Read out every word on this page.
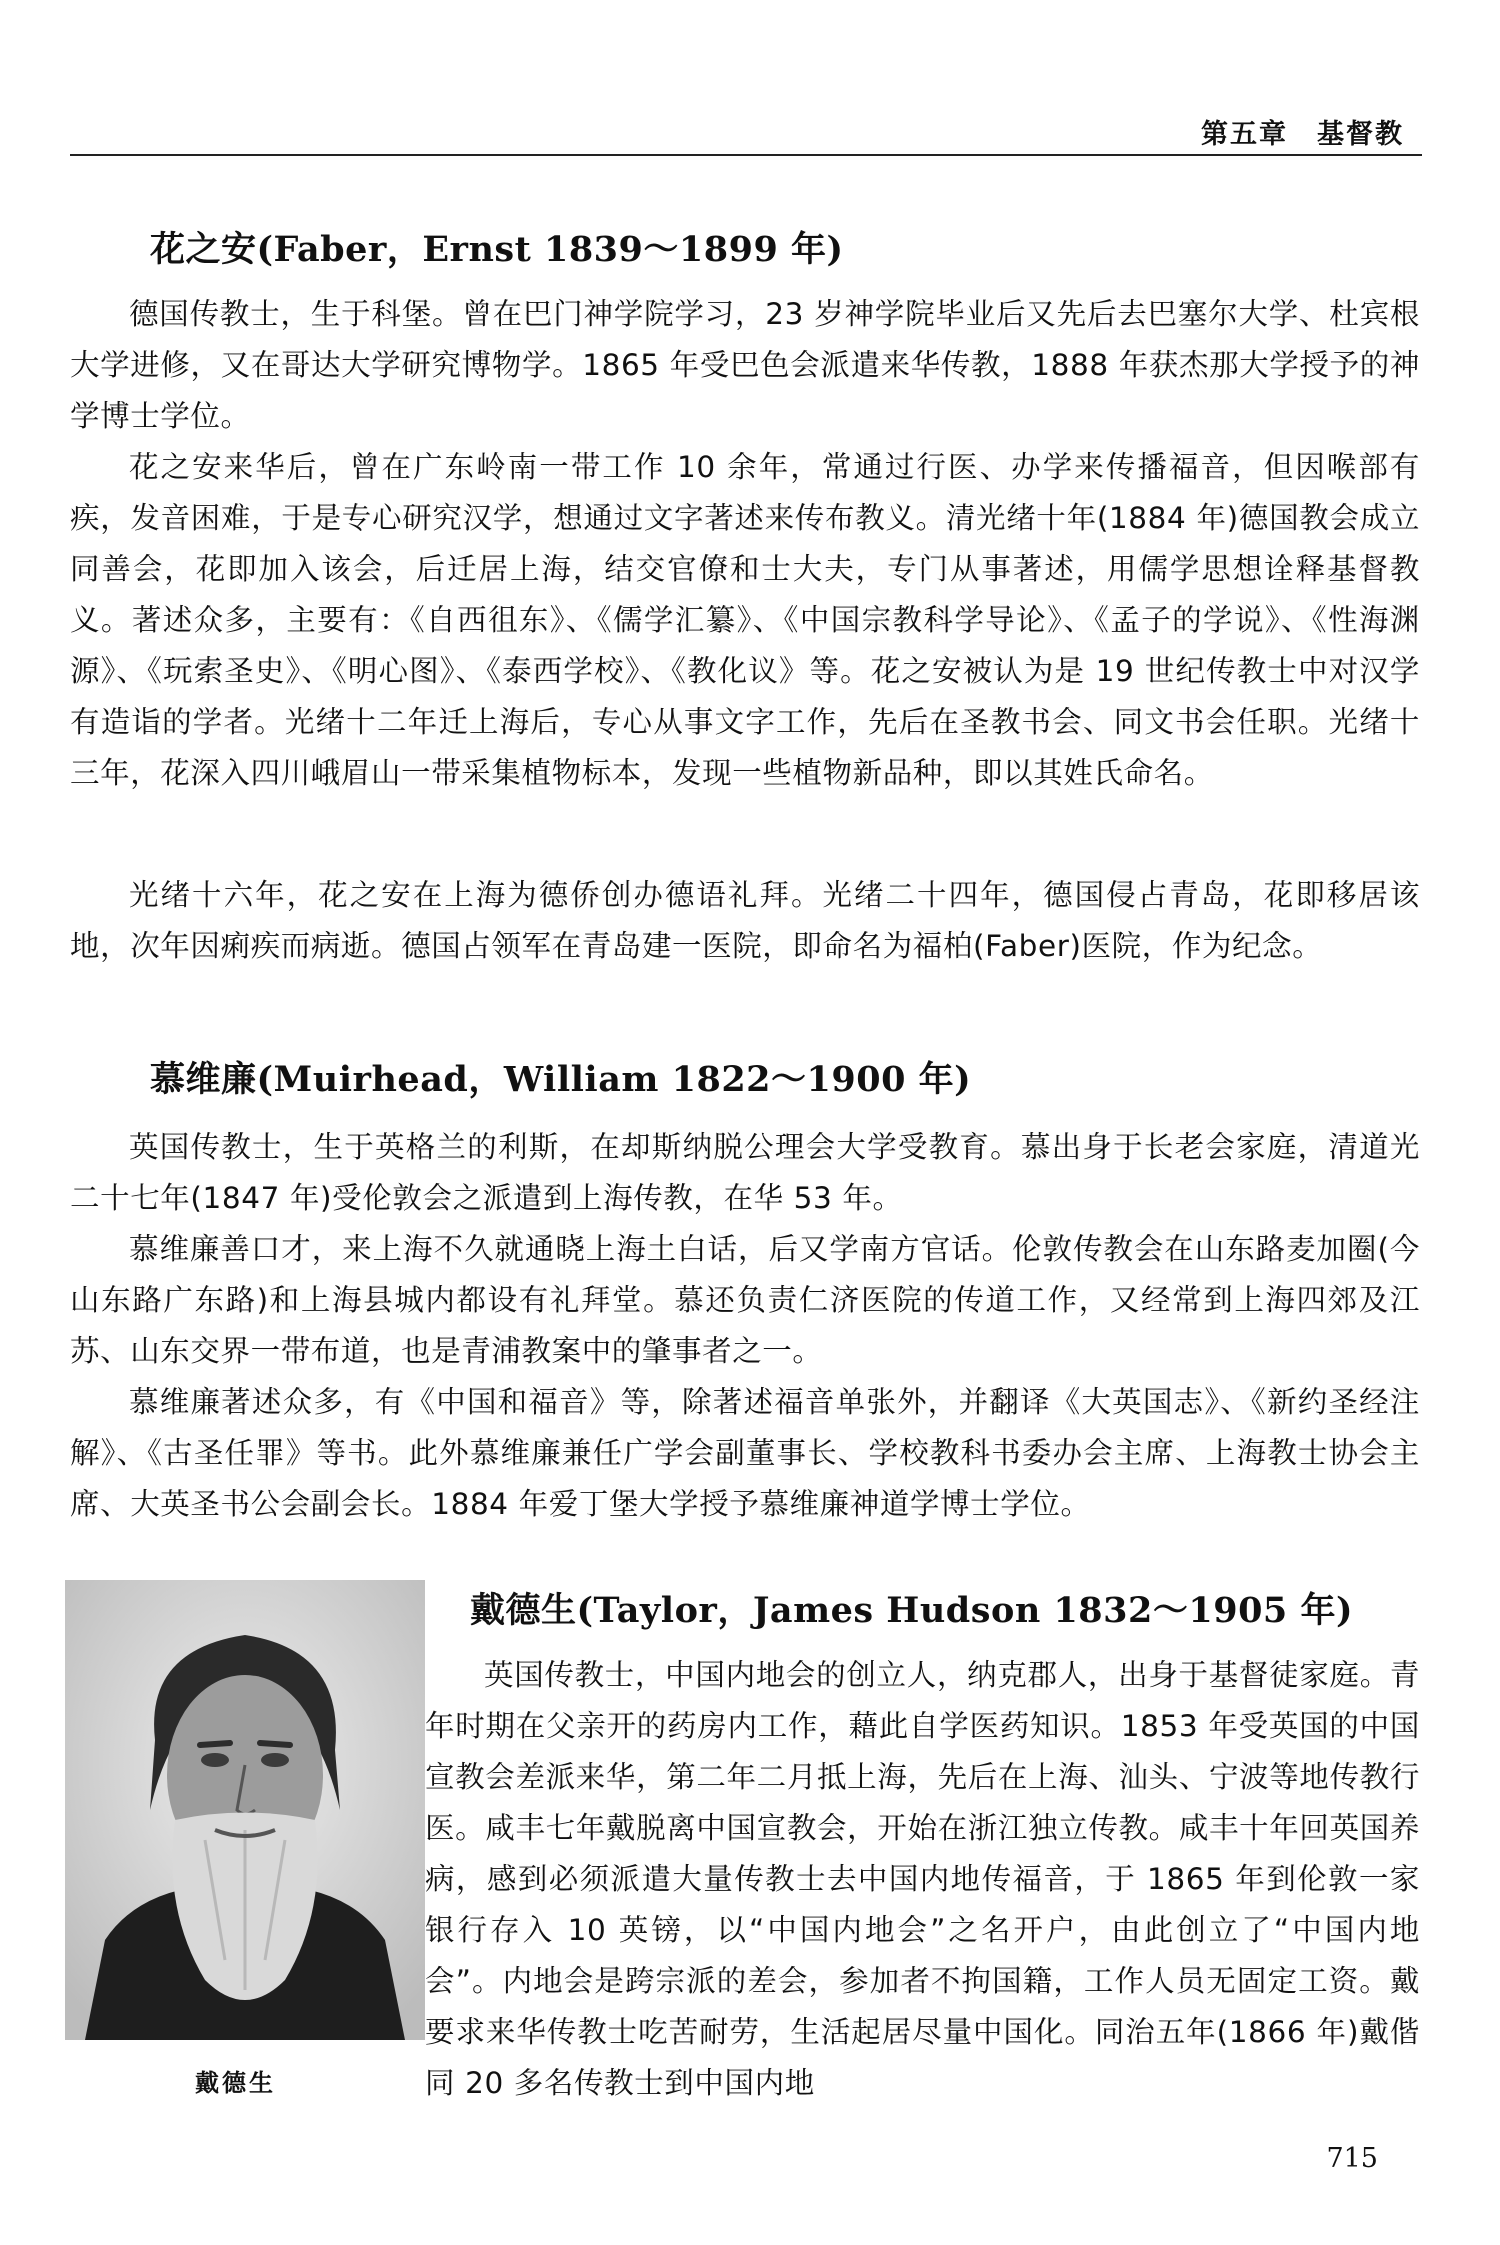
第五章　基督教
花之安(Faber，Ernst 1839～1899 年)

德国传教士，生于科堡。曾在巴门神学院学习，23 岁神学院毕业后又先后去巴塞尔大学、杜宾根大学进修，又在哥达大学研究博物学。1865 年受巴色会派遣来华传教，1888 年获杰那大学授予的神学博士学位。

花之安来华后，曾在广东岭南一带工作 10 余年，常通过行医、办学来传播福音，但因喉部有疾，发音困难，于是专心研究汉学，想通过文字著述来传布教义。清光绪十年(1884 年)德国教会成立同善会，花即加入该会，后迁居上海，结交官僚和士大夫，专门从事著述，用儒学思想诠释基督教义。著述众多，主要有：《自西徂东》、《儒学汇纂》、《中国宗教科学导论》、《孟子的学说》、《性海渊源》、《玩索圣史》、《明心图》、《泰西学校》、《教化议》等。花之安被认为是 19 世纪传教士中对汉学有造诣的学者。光绪十二年迁上海后，专心从事文字工作，先后在圣教书会、同文书会任职。光绪十三年，花深入四川峨眉山一带采集植物标本，发现一些植物新品种，即以其姓氏命名。

光绪十六年，花之安在上海为德侨创办德语礼拜。光绪二十四年，德国侵占青岛，花即移居该地，次年因痢疾而病逝。德国占领军在青岛建一医院，即命名为福柏(Faber)医院，作为纪念。

慕维廉(Muirhead，William 1822～1900 年)

英国传教士，生于英格兰的利斯，在却斯纳脱公理会大学受教育。慕出身于长老会家庭，清道光二十七年(1847 年)受伦敦会之派遣到上海传教，在华 53 年。

慕维廉善口才，来上海不久就通晓上海土白话，后又学南方官话。伦敦传教会在山东路麦加圈(今山东路广东路)和上海县城内都设有礼拜堂。慕还负责仁济医院的传道工作，又经常到上海四郊及江苏、山东交界一带布道，也是青浦教案中的肇事者之一。

慕维廉著述众多，有《中国和福音》等，除著述福音单张外，并翻译《大英国志》、《新约圣经注解》、《古圣任罪》等书。此外慕维廉兼任广学会副董事长、学校教科书委办会主席、上海教士协会主席、大英圣书公会副会长。1884 年爱丁堡大学授予慕维廉神道学博士学位。

戴德生
戴德生(Taylor，James Hudson 1832～1905 年)

英国传教士，中国内地会的创立人，纳克郡人，出身于基督徒家庭。青年时期在父亲开的药房内工作，藉此自学医药知识。1853 年受英国的中国宣教会差派来华，第二年二月抵上海，先后在上海、汕头、宁波等地传教行医。咸丰七年戴脱离中国宣教会，开始在浙江独立传教。咸丰十年回英国养病，感到必须派遣大量传教士去中国内地传福音，于 1865 年到伦敦一家银行存入 10 英镑，以“中国内地会”之名开户，由此创立了“中国内地会”。内地会是跨宗派的差会，参加者不拘国籍，工作人员无固定工资。戴要求来华传教士吃苦耐劳，生活起居尽量中国化。同治五年(1866 年)戴偕同 20 多名传教士到中国内地

715
